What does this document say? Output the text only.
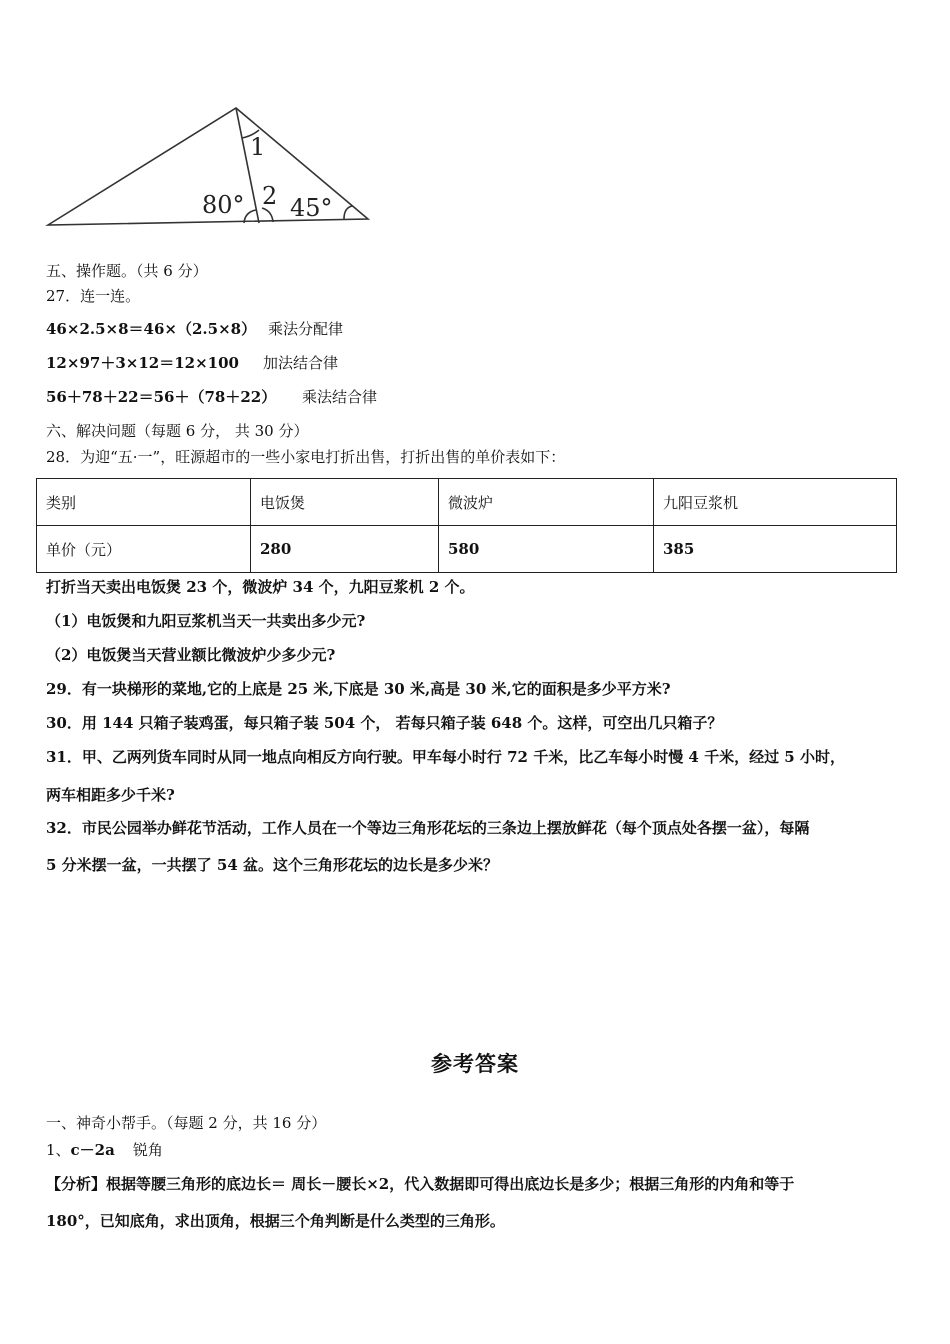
1
80° 2 45°
五、操作题。（共 6 分）
27．连一连。
46×2.5×8＝46×（2.5×8） 乘法分配律
12×97＋3×12＝12×100 加法结合律
56＋78＋22＝56＋（78＋22） 乘法结合律
六、解决问题（每题 6 分， 共 30 分）
28．为迎“五·一”，旺源超市的一些小家电打折出售，打折出售的单价表如下：
类别	电饭煲	微波炉	九阳豆浆机
单价（元）	280	580	385
打折当天卖出电饭煲 23 个，微波炉 34 个，九阳豆浆机 2 个。
（1）电饭煲和九阳豆浆机当天一共卖出多少元?
（2）电饭煲当天营业额比微波炉少多少元?
29．有一块梯形的菜地,它的上底是 25 米,下底是 30 米,高是 30 米,它的面积是多少平方米?
30．用 144 只箱子装鸡蛋，每只箱子装 504 个， 若每只箱子装 648 个。这样，可空出几只箱子？
31．甲、乙两列货车同时从同一地点向相反方向行驶。甲车每小时行 72 千米，比乙车每小时慢 4 千米，经过 5 小时，
两车相距多少千米?
32．市民公园举办鲜花节活动，工作人员在一个等边三角形花坛的三条边上摆放鲜花（每个顶点处各摆一盆），每隔
5 分米摆一盆，一共摆了 54 盆。这个三角形花坛的边长是多少米？
参考答案
一、神奇小帮手。（每题 2 分，共 16 分）
1、c－2a 锐角
【分析】根据等腰三角形的底边长＝ 周长－腰长×2，代入数据即可得出底边长是多少；根据三角形的内角和等于
180°，已知底角，求出顶角，根据三个角判断是什么类型的三角形。
